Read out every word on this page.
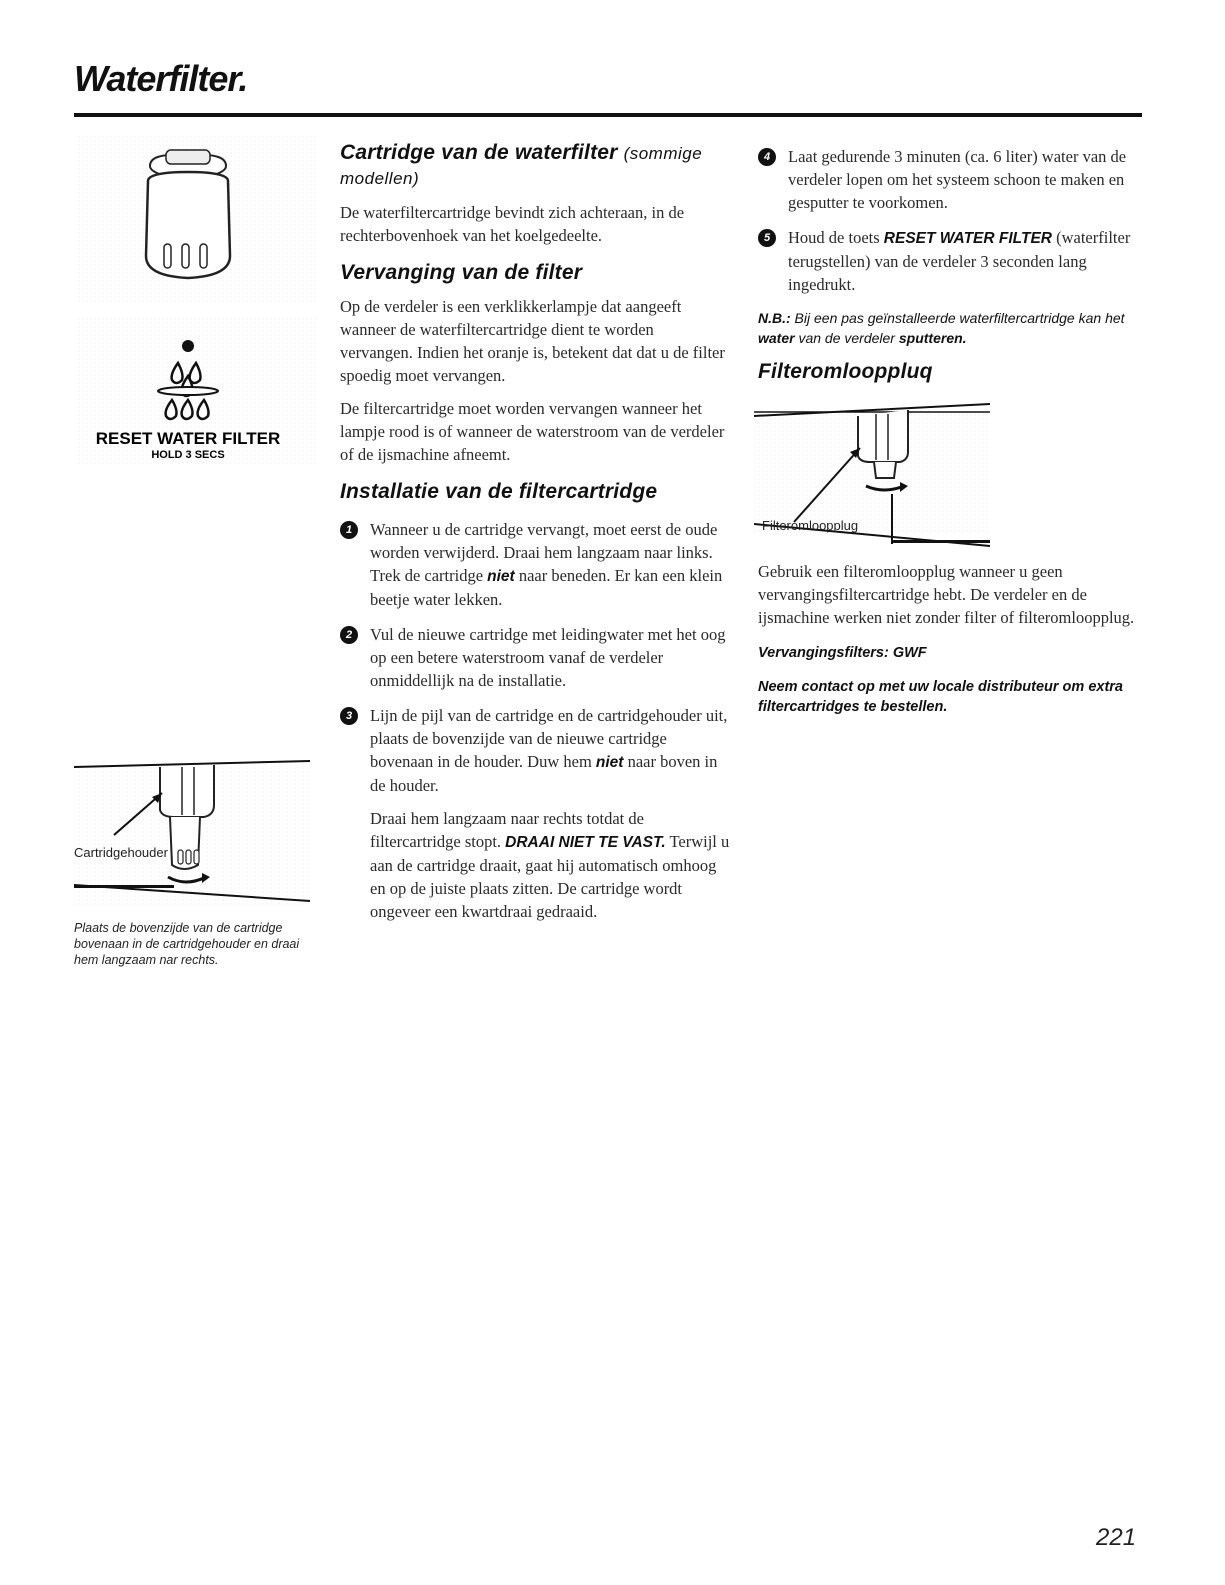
Waterfilter.
RESET WATER FILTER
HOLD 3 SECS
Cartridgehouder
Plaats de bovenzijde van de cartridge bovenaan in de cartridgehouder en draai hem langzaam nar rechts.
Cartridge van de waterfilter (sommige modellen)

De waterfiltercartridge bevindt zich achteraan, in de rechterbovenhoek van het koelgedeelte.

Vervanging van de filter

Op de verdeler is een verklikkerlampje dat aangeeft wanneer de waterfiltercartridge dient te worden vervangen. Indien het oranje is, betekent dat dat u de filter spoedig moet vervangen.

De filtercartridge moet worden vervangen wanneer het lampje rood is of wanneer de waterstroom van de verdeler of de ijsmachine afneemt.

Installatie van de filtercartridge
1	Wanneer u de cartridge vervangt, moet eerst de oude worden verwijderd. Draai hem langzaam naar links. Trek de cartridge niet naar beneden. Er kan een klein beetje water lekken.

2	Vul de nieuwe cartridge met leidingwater met het oog op een betere waterstroom vanaf de verdeler onmiddellijk na de installatie.

3	Lijn de pijl van de cartridge en de cartridgehouder uit, plaats de bovenzijde van de nieuwe cartridge bovenaan in de houder. Duw hem niet naar boven in de houder.

Draai hem langzaam naar rechts totdat de filtercartridge stopt. DRAAI NIET TE VAST. Terwijl u aan de cartridge draait, gaat hij automatisch omhoog en op de juiste plaats zitten. De cartridge wordt ongeveer een kwartdraai gedraaid.

4	Laat gedurende 3 minuten (ca. 6 liter) water van de verdeler lopen om het systeem schoon te maken en gesputter te voorkomen.

5	Houd de toets RESET WATER FILTER (waterfilter terugstellen) van de verdeler 3 seconden lang ingedrukt.

N.B.: Bij een pas geïnstalleerde waterfiltercartridge kan het water van de verdeler sputteren.

Filteromlooppluq
Filteromloopplug

Gebruik een filteromloopplug wanneer u geen vervangingsfiltercartridge hebt. De verdeler en de ijsmachine werken niet zonder filter of filteromloopplug.

Vervangingsfilters: GWF

Neem contact op met uw locale distributeur om extra filtercartridges te bestellen.

221
